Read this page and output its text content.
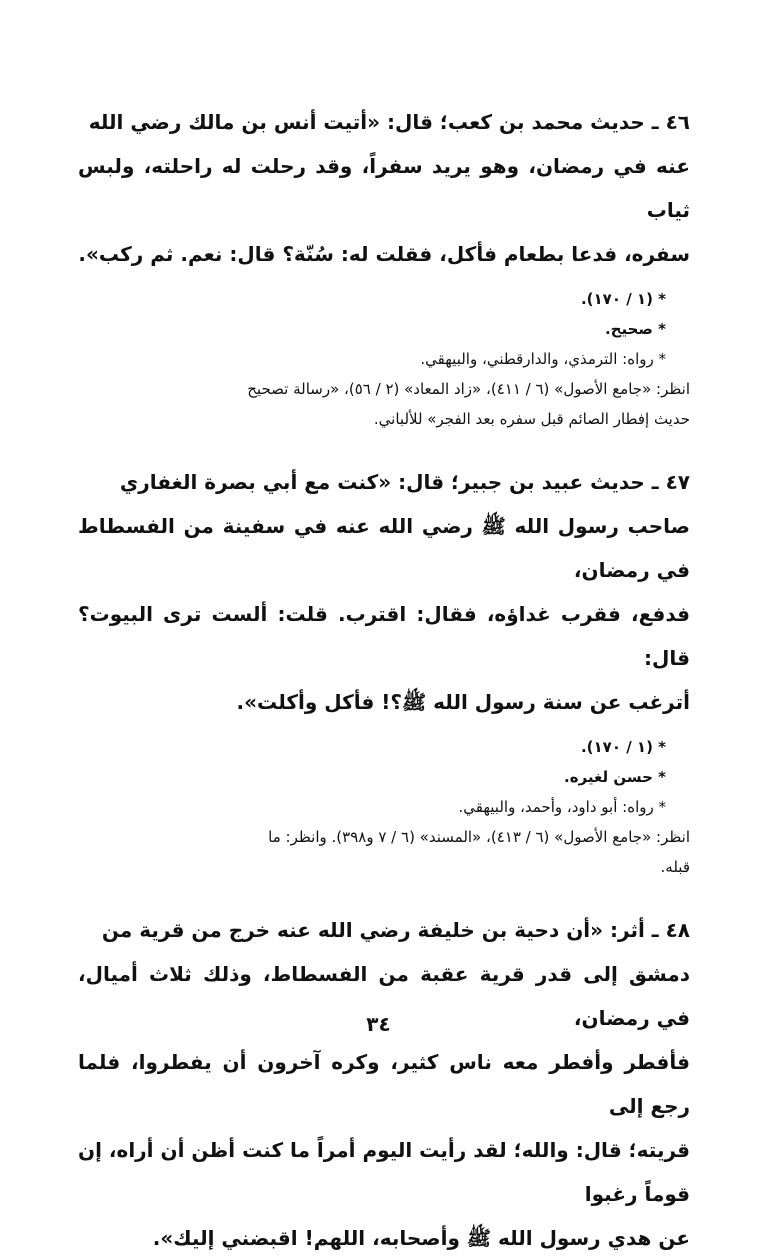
٤٦ ـ حديث محمد بن كعب؛ قال: «أتيت أنس بن مالك رضي الله

عنه في رمضان، وهو يريد سفراً، وقد رحلت له راحلته، ولبس ثياب

سفره، فدعا بطعام فأكل، فقلت له: سُنّة؟ قال: نعم. ثم ركب».

* (١ / ١٧٠).

* صحيح.

* رواه: الترمذي، والدارقطني، والبيهقي.

انظر: «جامع الأصول» (٦ / ٤١١)، «زاد المعاد» (٢ / ٥٦)، «رسالة تصحيح

حديث إفطار الصائم قبل سفره بعد الفجر» للألباني.

٤٧ ـ حديث عبيد بن جبير؛ قال: «كنت مع أبي بصرة الغفاري

صاحب رسول الله ﷺ رضي الله عنه في سفينة من الفسطاط في رمضان،

فدفع، فقرب غداؤه، فقال: اقترب. قلت: ألست ترى البيوت؟ قال:

أترغب عن سنة رسول الله ﷺ؟! فأكل وأكلت».

* (١ / ١٧٠).

* حسن لغيره.

* رواه: أبو داود، وأحمد، والبيهقي.

انظر: «جامع الأصول» (٦ / ٤١٣)، «المسند» (٦ / ٧ و٣٩٨). وانظر: ما

قبله.

٤٨ ـ أثر: «أن دحية بن خليفة رضي الله عنه خرج من قرية من

دمشق إلى قدر قرية عقبة من الفسطاط، وذلك ثلاث أميال، في رمضان،

فأفطر وأفطر معه ناس كثير، وكره آخرون أن يفطروا، فلما رجع إلى

قريته؛ قال: والله؛ لقد رأيت اليوم أمراً ما كنت أظن أن أراه، إن قوماً رغبوا

عن هدي رسول الله ﷺ وأصحابه، اللهم! اقبضني إليك».

٣٤
